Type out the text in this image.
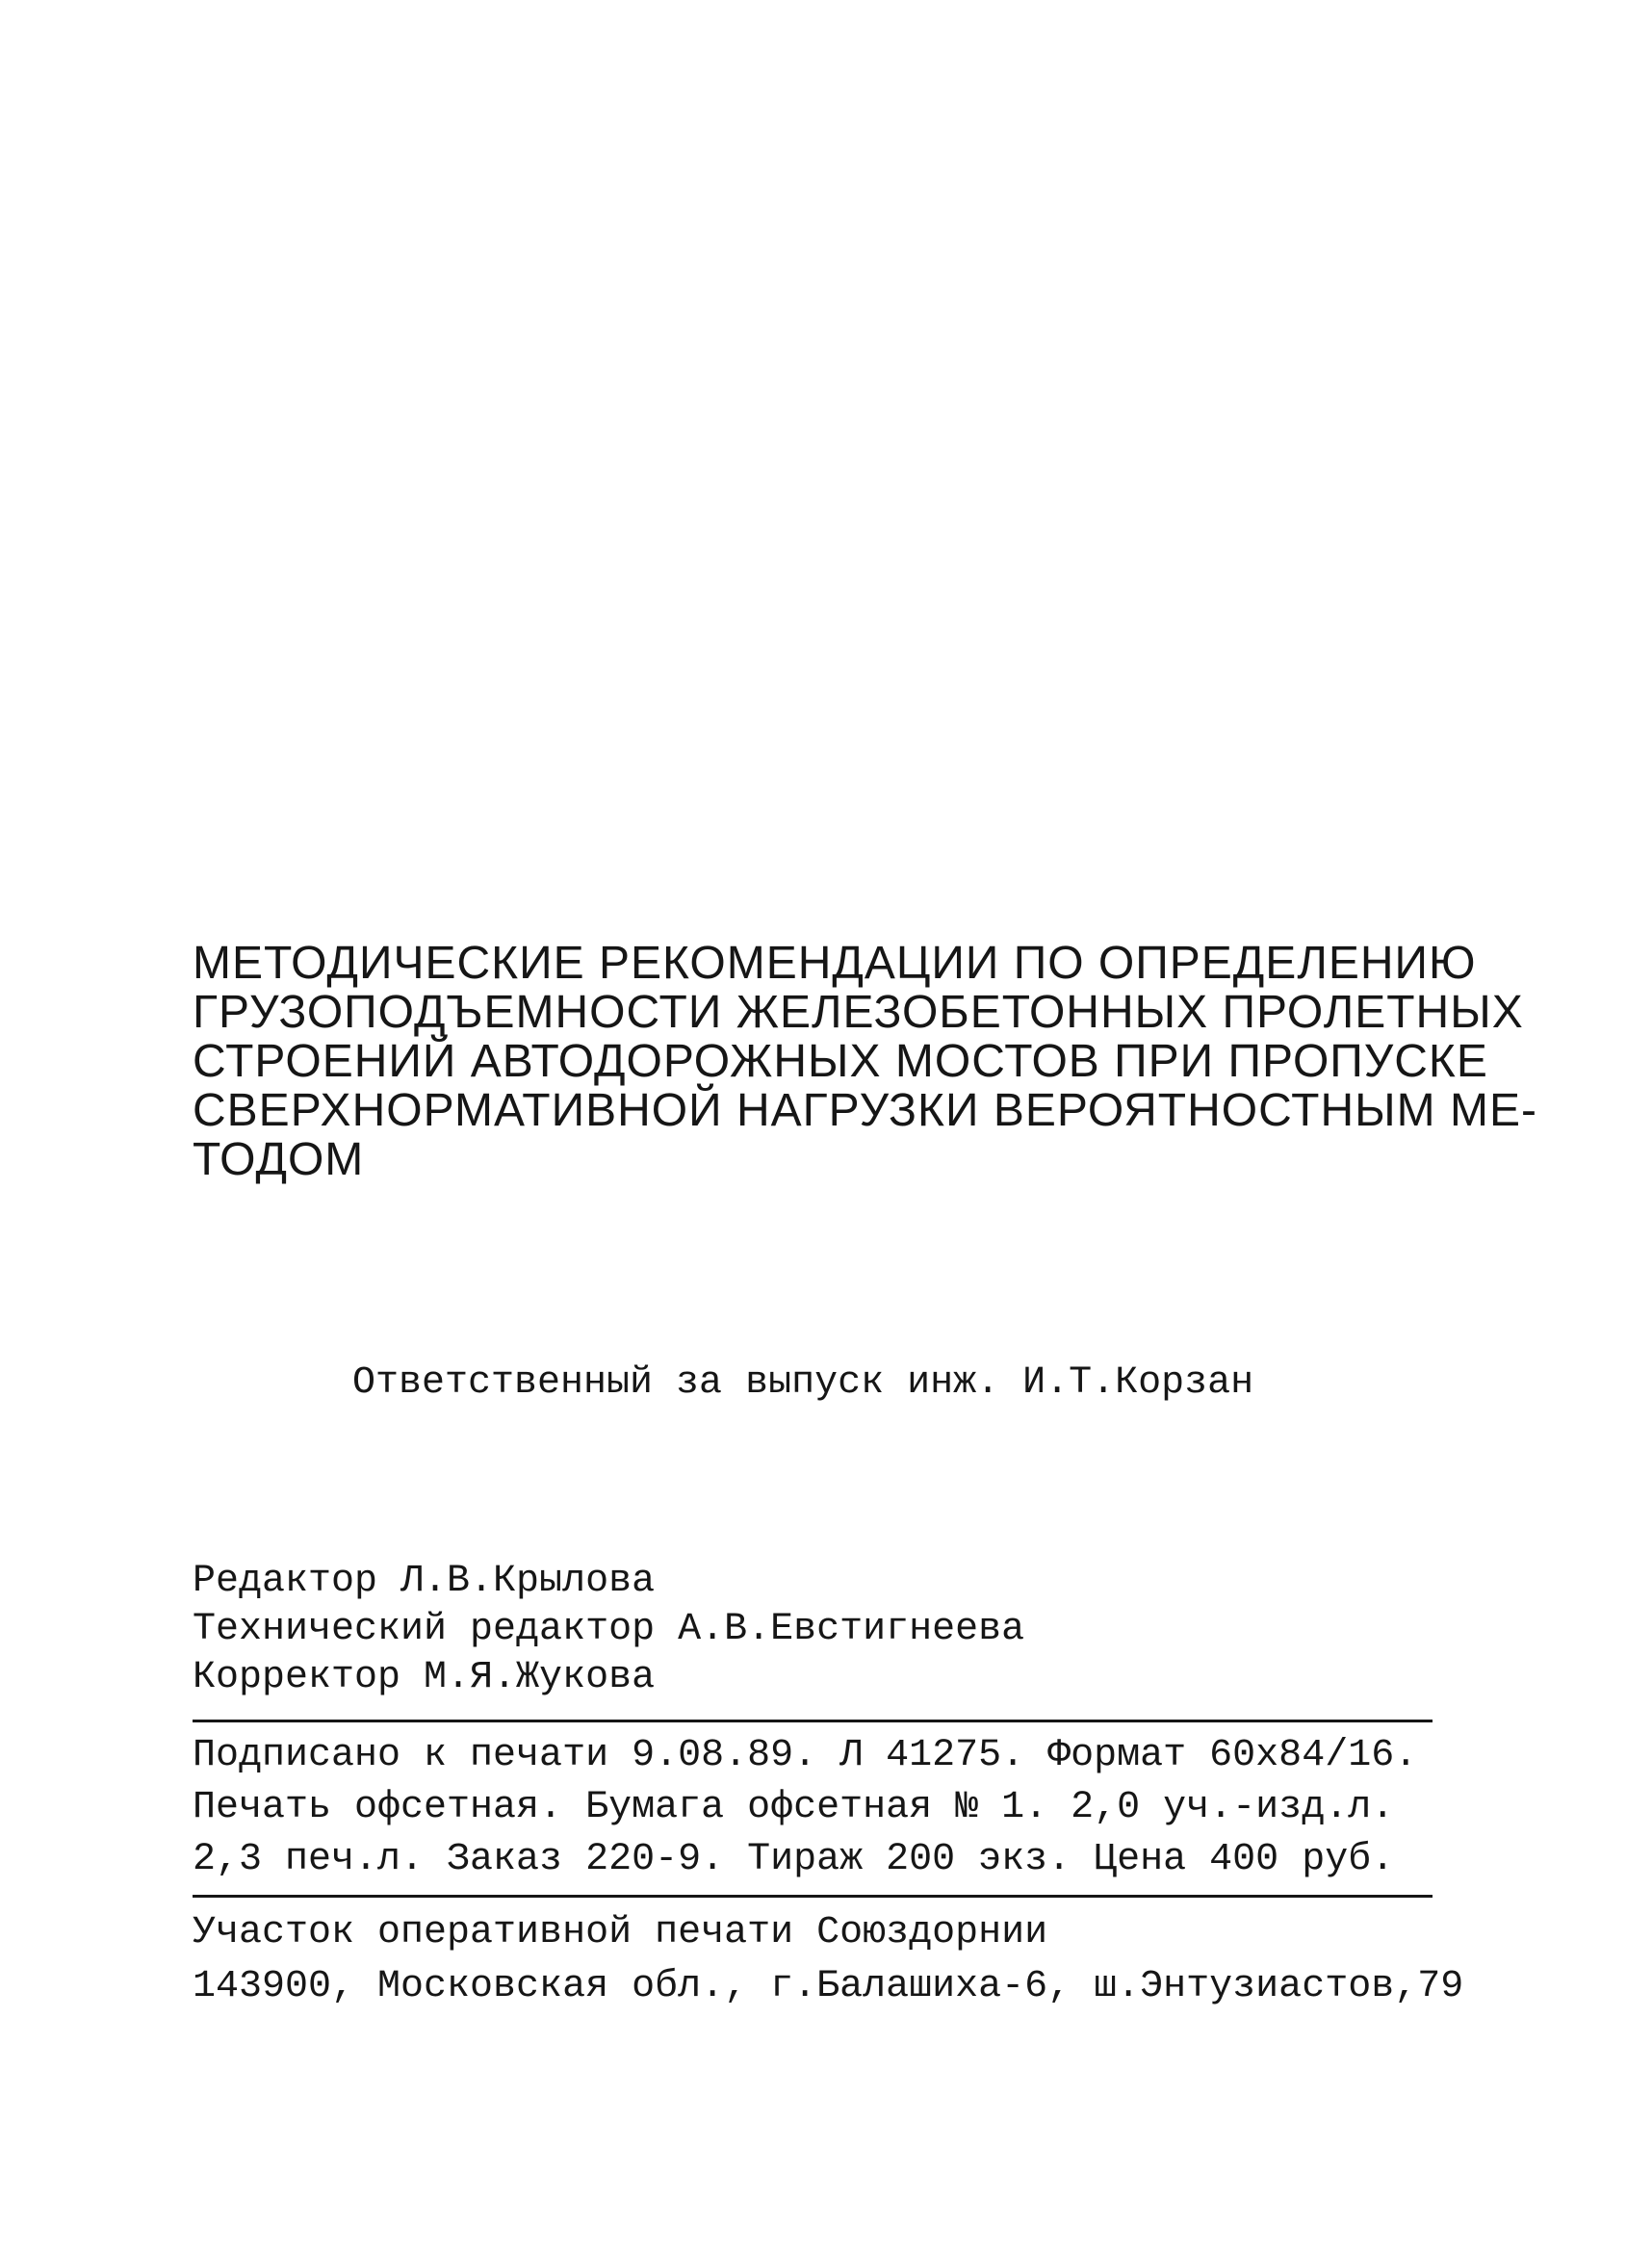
МЕТОДИЧЕСКИЕ РЕКОМЕНДАЦИИ ПО ОПРЕДЕЛЕНИЮ
ГРУЗОПОДЪЕМНОСТИ ЖЕЛЕЗОБЕТОННЫХ ПРОЛЕТНЫХ
СТРОЕНИЙ АВТОДОРОЖНЫХ МОСТОВ ПРИ ПРОПУСКЕ
СВЕРХНОРМАТИВНОЙ НАГРУЗКИ ВЕРОЯТНОСТНЫМ МЕ-
ТОДОМ
Ответственный за выпуск инж. И.Т.Корзан
Редактор Л.В.Крылова
Технический редактор А.В.Евстигнеева
Корректор М.Я.Жукова
Подписано к печати 9.08.89. Л 41275. Формат 60x84/16.
Печать офсетная. Бумага офсетная № 1. 2,0 уч.-изд.л.
2,3 печ.л. Заказ 220-9. Тираж 200 экз. Цена 400 руб.
Участок оперативной печати Союздорнии
143900, Московская обл., г.Балашиха-6, ш.Энтузиастов,79
